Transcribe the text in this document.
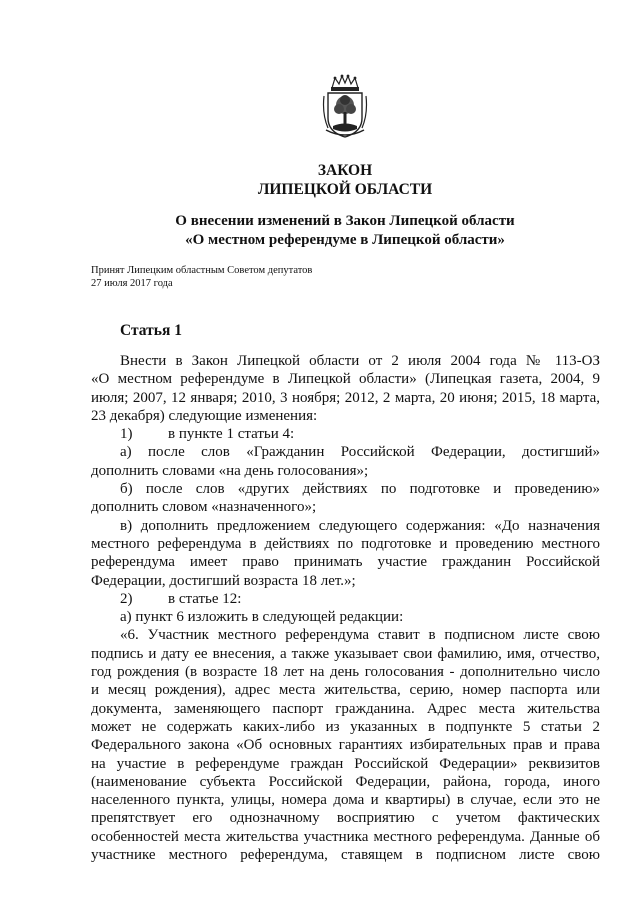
ЗАКОН
ЛИПЕЦКОЙ ОБЛАСТИ
О внесении изменений в Закон Липецкой области
«О местном референдуме в Липецкой области»
Принят Липецким областным Советом депутатов
27 июля 2017 года
Статья 1
Внести в Закон Липецкой области от 2 июля 2004 года № 113-ОЗ
«О местном референдуме в Липецкой области» (Липецкая газета, 2004, 9
июля; 2007, 12 января; 2010, 3 ноября; 2012, 2 марта, 20 июня; 2015, 18 марта,
23 декабря) следующие изменения:
1) в пункте 1 статьи 4:
а) после слов «Гражданин Российской Федерации, достигший»
дополнить словами «на день голосования»;
б) после слов «других действиях по подготовке и проведению»
дополнить словом «назначенного»;
в) дополнить предложением следующего содержания: «До назначения
местного референдума в действиях по подготовке и проведению местного
референдума имеет право принимать участие гражданин Российской
Федерации, достигший возраста 18 лет.»;
2) в статье 12:
а) пункт 6 изложить в следующей редакции:
«6. Участник местного референдума ставит в подписном листе свою
подпись и дату ее внесения, а также указывает свои фамилию, имя, отчество,
год рождения (в возрасте 18 лет на день голосования - дополнительно число
и месяц рождения), адрес места жительства, серию, номер паспорта или
документа, заменяющего паспорт гражданина. Адрес места жительства
может не содержать каких-либо из указанных в подпункте 5 статьи 2
Федерального закона «Об основных гарантиях избирательных прав и права
на участие в референдуме граждан Российской Федерации» реквизитов
(наименование субъекта Российской Федерации, района, города, иного
населенного пункта, улицы, номера дома и квартиры) в случае, если это не
препятствует его однозначному восприятию с учетом фактических
особенностей места жительства участника местного референдума. Данные об
участнике местного референдума, ставящем в подписном листе свою
